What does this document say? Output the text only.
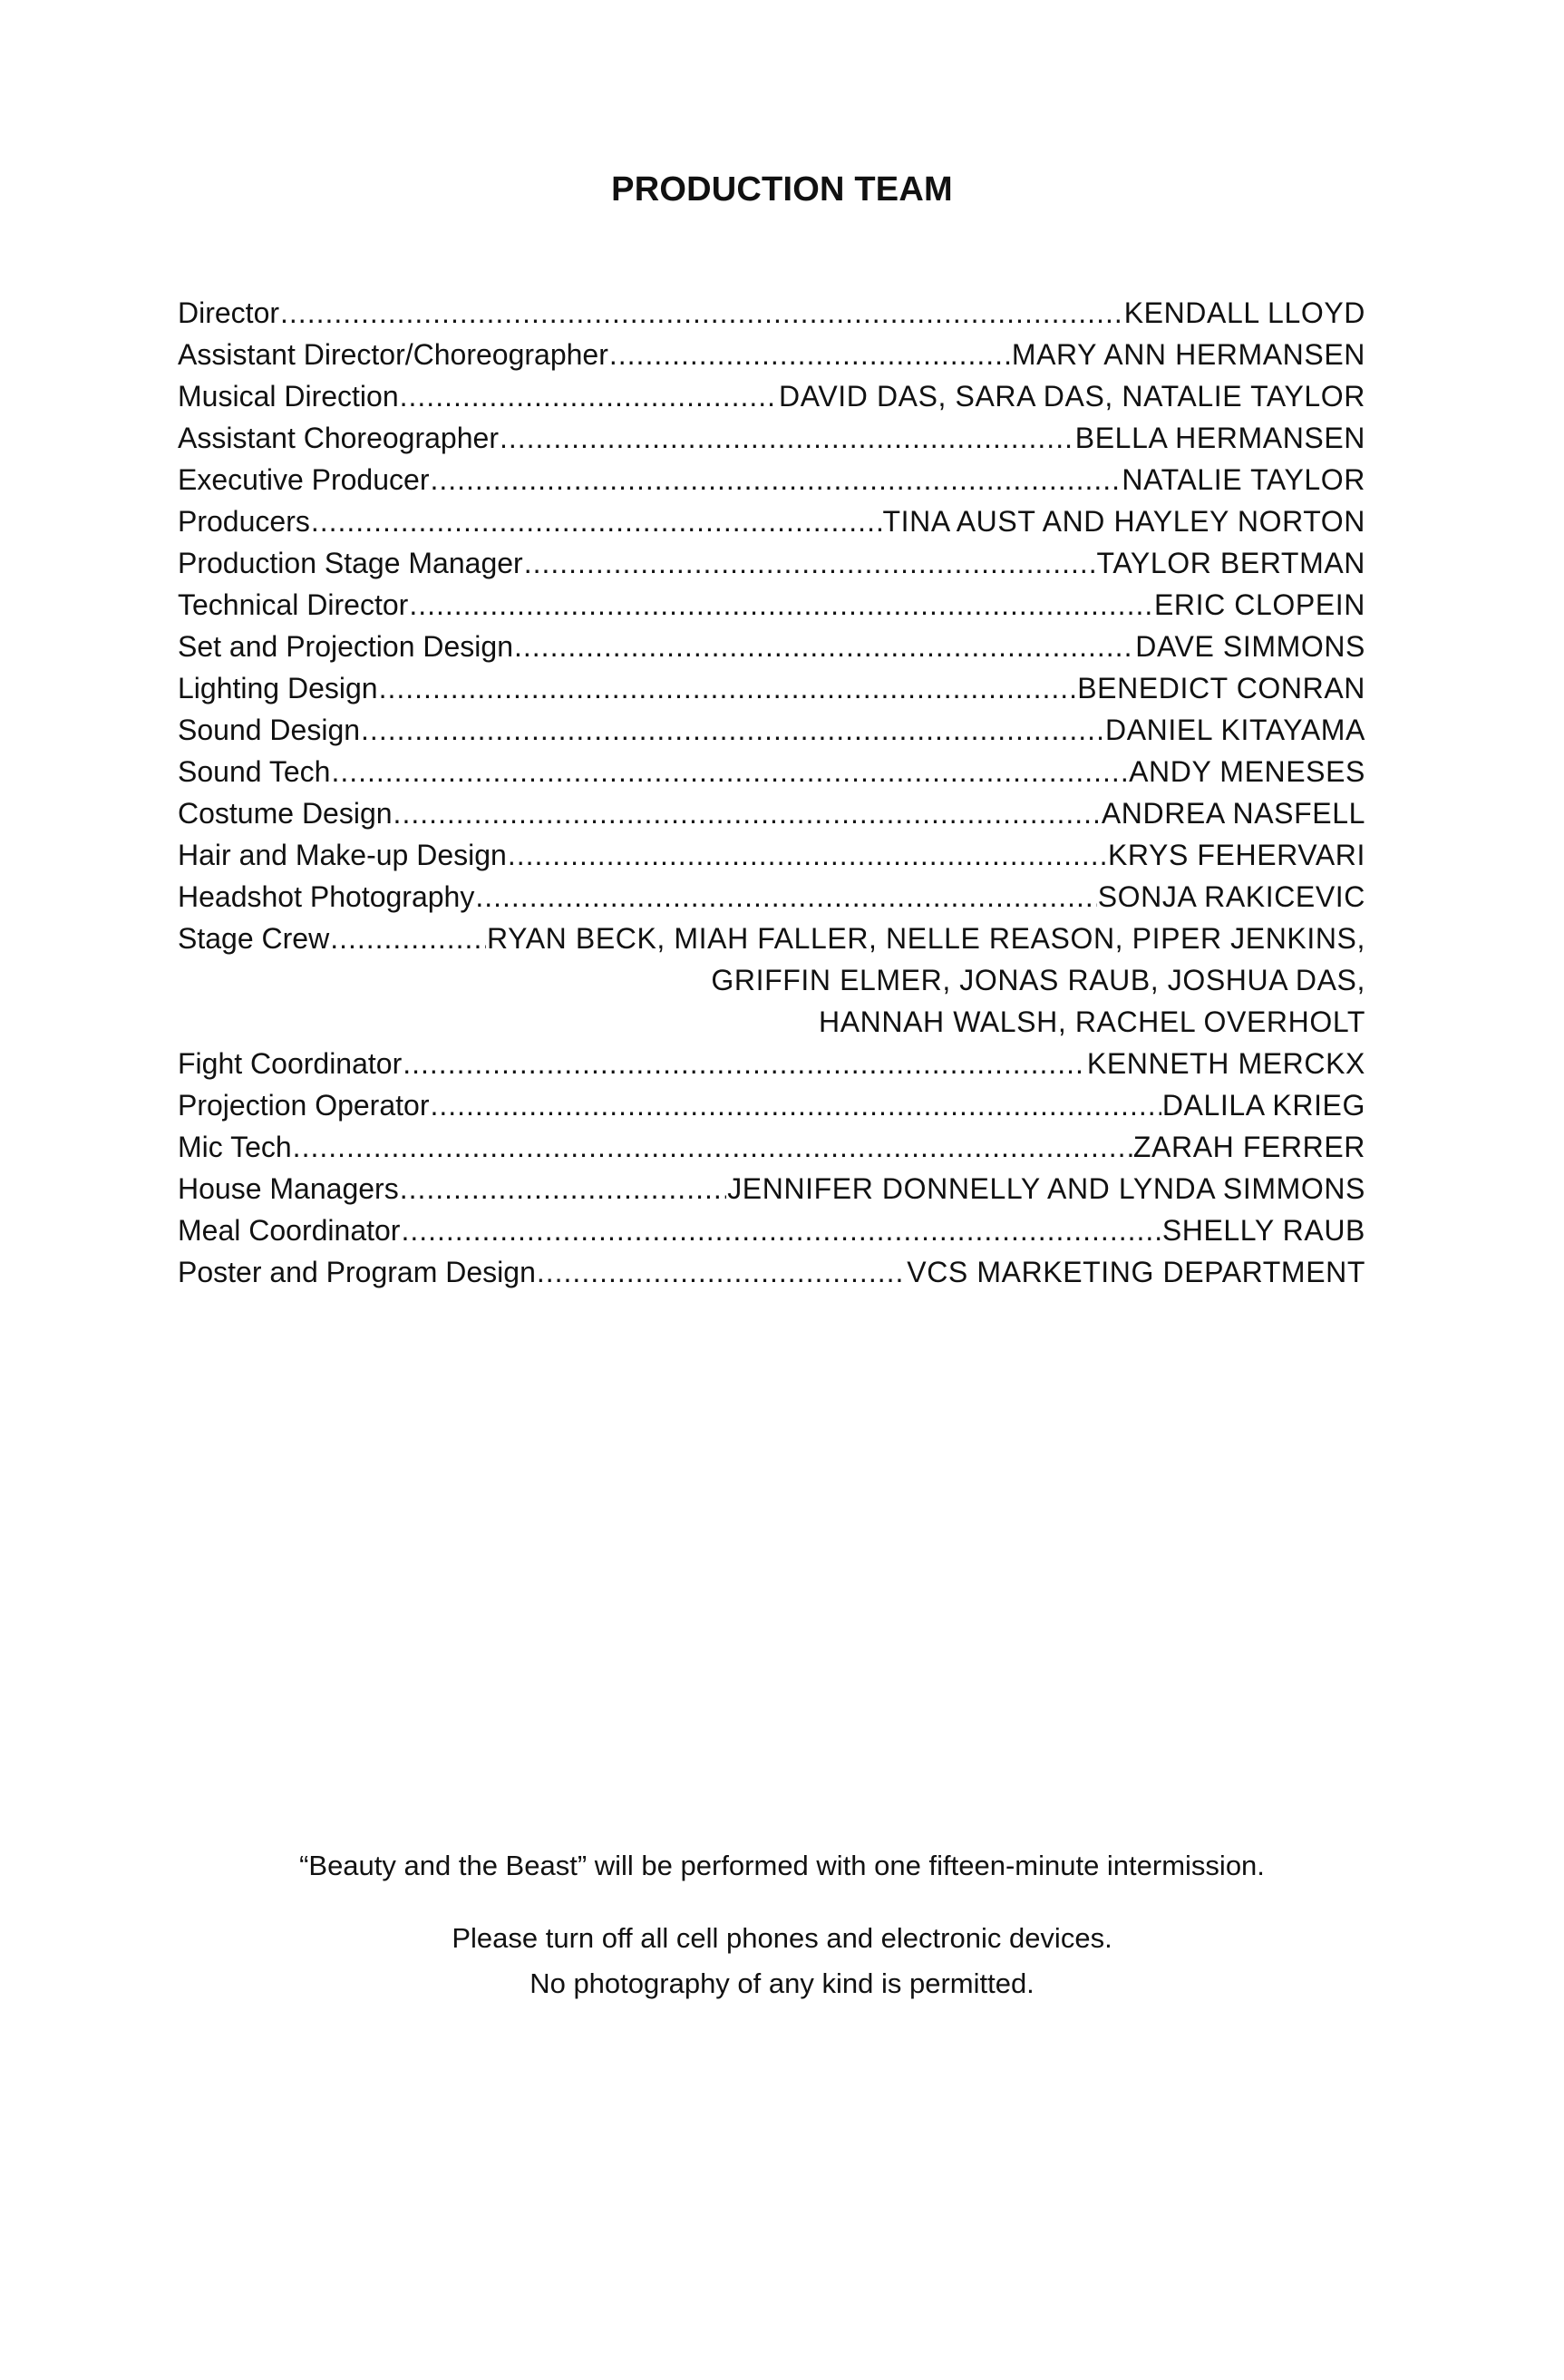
PRODUCTION TEAM
Director .....	KENDALL LLOYD
Assistant Director/Choreographer .....	MARY ANN HERMANSEN
Musical Direction .....	DAVID DAS, SARA DAS, NATALIE TAYLOR
Assistant Choreographer .....	BELLA HERMANSEN
Executive Producer .....	NATALIE TAYLOR
Producers .....	TINA AUST AND HAYLEY NORTON
Production Stage Manager .....	TAYLOR BERTMAN
Technical Director .....	ERIC CLOPEIN
Set and Projection Design .....	DAVE SIMMONS
Lighting Design .....	BENEDICT CONRAN
Sound Design .....	DANIEL KITAYAMA
Sound Tech .....	ANDY MENESES
Costume Design .....	ANDREA NASFELL
Hair and Make-up Design .....	KRYS FEHERVARI
Headshot Photography .....	SONJA RAKICEVIC
Stage Crew .....	RYAN BECK, MIAH FALLER, NELLE REASON, PIPER JENKINS,
GRIFFIN ELMER, JONAS RAUB, JOSHUA DAS,
HANNAH WALSH, RACHEL OVERHOLT
Fight Coordinator .....	KENNETH MERCKX
Projection Operator .....	DALILA KRIEG
Mic Tech .....	ZARAH FERRER
House Managers .....	JENNIFER DONNELLY AND LYNDA SIMMONS
Meal Coordinator .....	SHELLY RAUB
Poster and Program Design .....	VCS MARKETING DEPARTMENT
“Beauty and the Beast” will be performed with one fifteen-minute intermission.
Please turn off all cell phones and electronic devices.
No photography of any kind is permitted.
